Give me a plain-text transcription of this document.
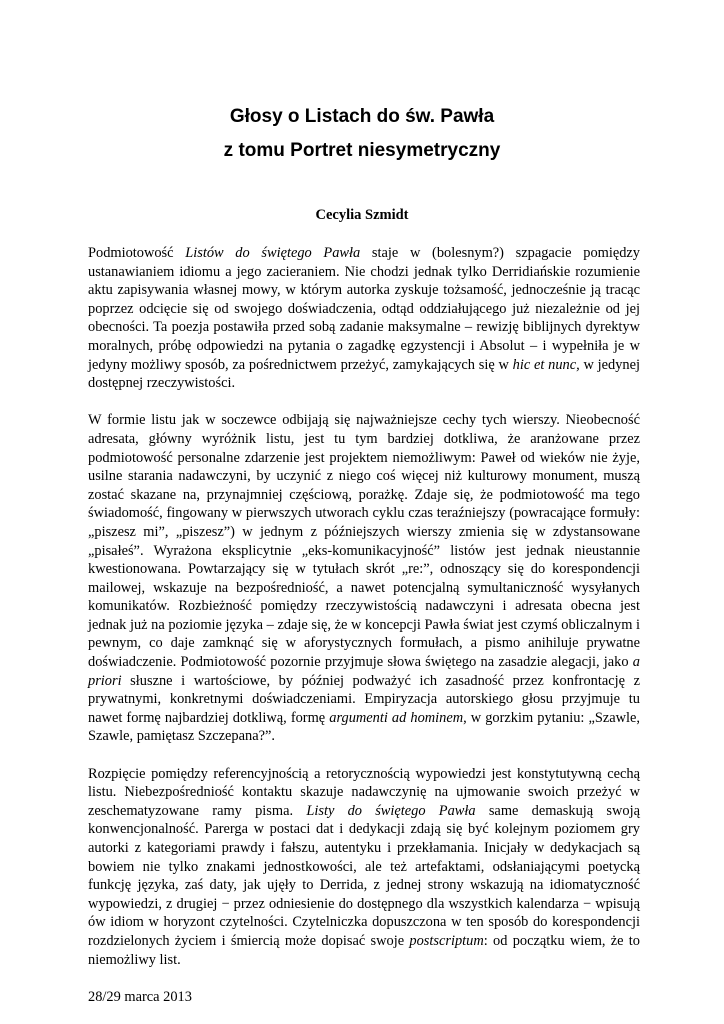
Głosy o Listach do św. Pawła
z tomu Portret niesymetryczny
Cecylia Szmidt

Podmiotowość Listów do świętego Pawła staje w (bolesnym?) szpagacie pomiędzy ustanawianiem idiomu a jego zacieraniem. Nie chodzi jednak tylko Derridiańskie rozumienie aktu zapisywania własnej mowy, w którym autorka zyskuje tożsamość, jednocześnie ją tracąc poprzez odcięcie się od swojego doświadczenia, odtąd oddziałującego już niezależnie od jej obecności. Ta poezja postawiła przed sobą zadanie maksymalne – rewizję biblijnych dyrektyw moralnych, próbę odpowiedzi na pytania o zagadkę egzystencji i Absolut – i wypełniła je w jedyny możliwy sposób, za pośrednictwem przeżyć, zamykających się w hic et nunc, w jedynej dostępnej rzeczywistości.

W formie listu jak w soczewce odbijają się najważniejsze cechy tych wierszy. Nieobecność adresata, główny wyróżnik listu, jest tu tym bardziej dotkliwa, że aranżowane przez podmiotowość personalne zdarzenie jest projektem niemożliwym: Paweł od wieków nie żyje, usilne starania nadawczyni, by uczynić z niego coś więcej niż kulturowy monument, muszą zostać skazane na, przynajmniej częściową, porażkę. Zdaje się, że podmiotowość ma tego świadomość, fingowany w pierwszych utworach cyklu czas teraźniejszy (powracające formuły: „piszesz mi”, „piszesz”) w jednym z późniejszych wierszy zmienia się w zdystansowane „pisałeś”. Wyrażona eksplicytnie „eks-komunikacyjność” listów jest jednak nieustannie kwestionowana. Powtarzający się w tytułach skrót „re:”, odnoszący się do korespondencji mailowej, wskazuje na bezpośredniość, a nawet potencjalną symultaniczność wysyłanych komunikatów. Rozbieżność pomiędzy rzeczywistością nadawczyni i adresata obecna jest jednak już na poziomie języka – zdaje się, że w koncepcji Pawła świat jest czymś obliczalnym i pewnym, co daje zamknąć się w aforystycznych formułach, a pismo anihiluje prywatne doświadczenie. Podmiotowość pozornie przyjmuje słowa świętego na zasadzie alegacji, jako a priori słuszne i wartościowe, by później podważyć ich zasadność przez konfrontację z prywatnymi, konkretnymi doświadczeniami. Empiryzacja autorskiego głosu przyjmuje tu nawet formę najbardziej dotkliwą, formę argumenti ad hominem, w gorzkim pytaniu: „Szawle, Szawle, pamiętasz Szczepana?”.

Rozpięcie pomiędzy referencyjnością a retorycznością wypowiedzi jest konstytutywną cechą listu. Niebezpośredniość kontaktu skazuje nadawczynię na ujmowanie swoich przeżyć w zeschematyzowane ramy pisma. Listy do świętego Pawła same demaskują swoją konwencjonalność. Parerga w postaci dat i dedykacji zdają się być kolejnym poziomem gry autorki z kategoriami prawdy i fałszu, autentyku i przekłamania. Inicjały w dedykacjach są bowiem nie tylko znakami jednostkowości, ale też artefaktami, odsłaniającymi poetycką funkcję języka, zaś daty, jak ujęły to Derrida, z jednej strony wskazują na idiomatyczność wypowiedzi, z drugiej − przez odniesienie do dostępnego dla wszystkich kalendarza − wpisują ów idiom w horyzont czytelności. Czytelniczka dopuszczona w ten sposób do korespondencji rozdzielonych życiem i śmiercią może dopisać swoje postscriptum: od początku wiem, że to niemożliwy list.

28/29 marca 2013
